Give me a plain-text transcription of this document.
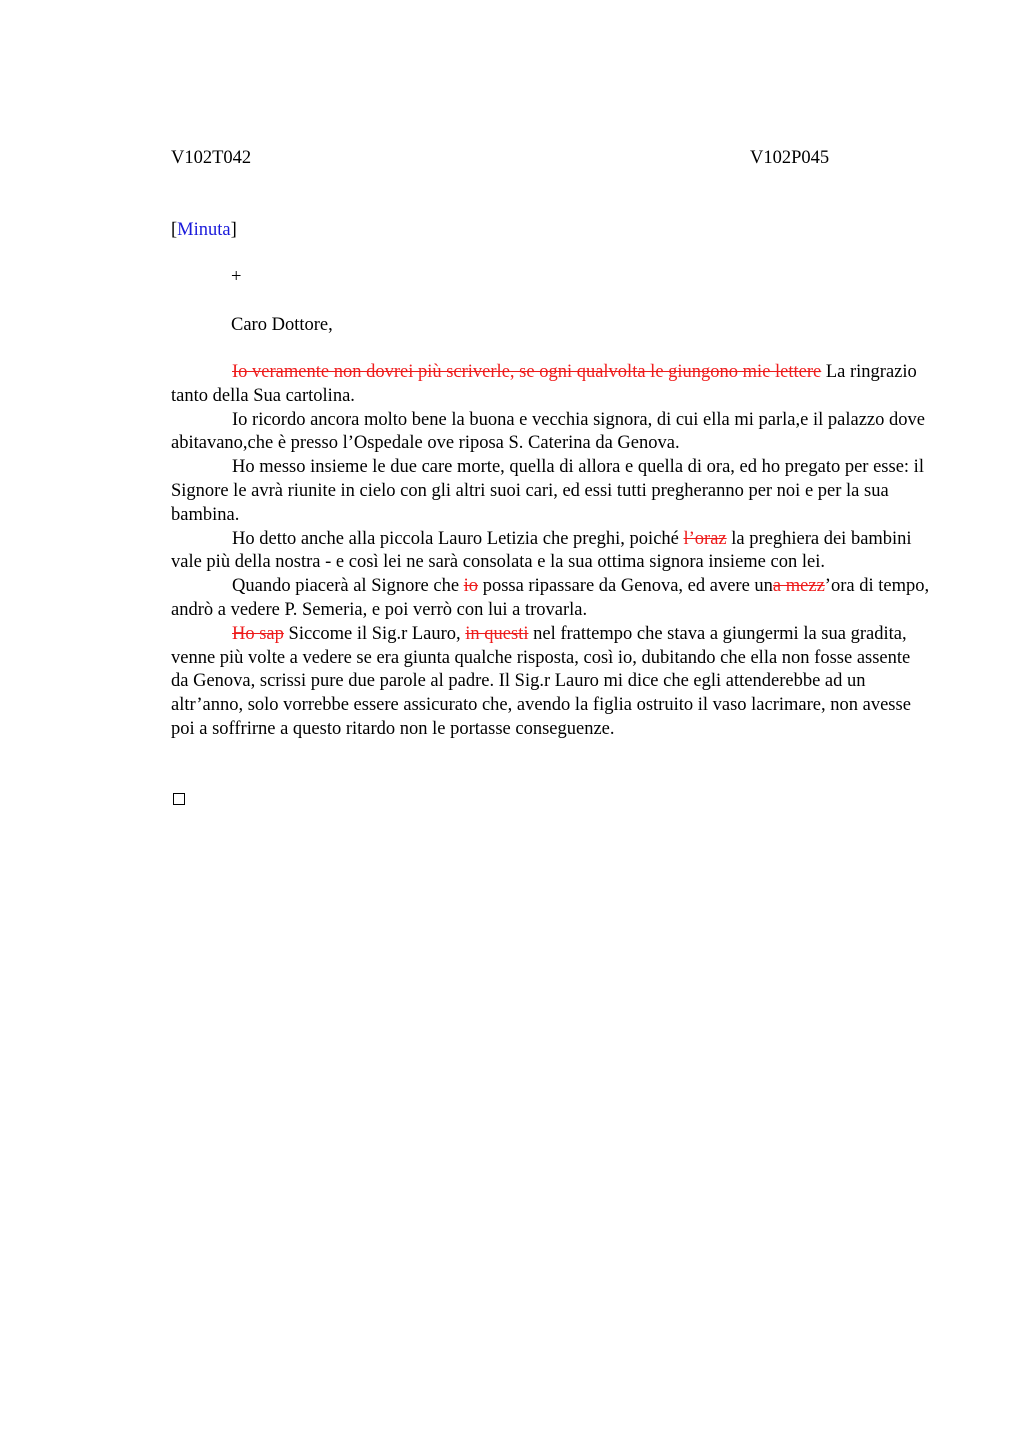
V102T042	V102P045
[Minuta]
+
Caro Dottore,

Io veramente non dovrei più scriverle, se ogni qualvolta le giungono mie lettere La ringrazio tanto della Sua cartolina.

Io ricordo ancora molto bene la buona e vecchia signora, di cui ella mi parla,e il palazzo dove abitavano,che è presso l’Ospedale ove riposa S. Caterina da Genova.

Ho messo insieme le due care morte, quella di allora e quella di ora, ed ho pregato per esse: il Signore le avrà riunite in cielo con gli altri suoi cari, ed essi tutti pregheranno per noi e per la sua bambina.

Ho detto anche alla piccola Lauro Letizia che preghi, poiché l’oraz la preghiera dei bambini vale più della nostra - e così lei ne sarà consolata e la sua ottima signora insieme con lei.

Quando piacerà al Signore che io possa ripassare da Genova, ed avere una mezz’ora di tempo, andrò a vedere P. Semeria, e poi verrò con lui a trovarla.

Ho sap Siccome il Sig.r Lauro, in questi nel frattempo che stava a giungermi la sua gradita, venne più volte a vedere se era giunta qualche risposta, così io, dubitando che ella non fosse assente da Genova, scrissi pure due parole al padre. Il Sig.r Lauro mi dice che egli attenderebbe ad un altr’anno, solo vorrebbe essere assicurato che, avendo la figlia ostruito il vaso lacrimare, non avesse poi a soffrirne a questo ritardo non le portasse conseguenze.
